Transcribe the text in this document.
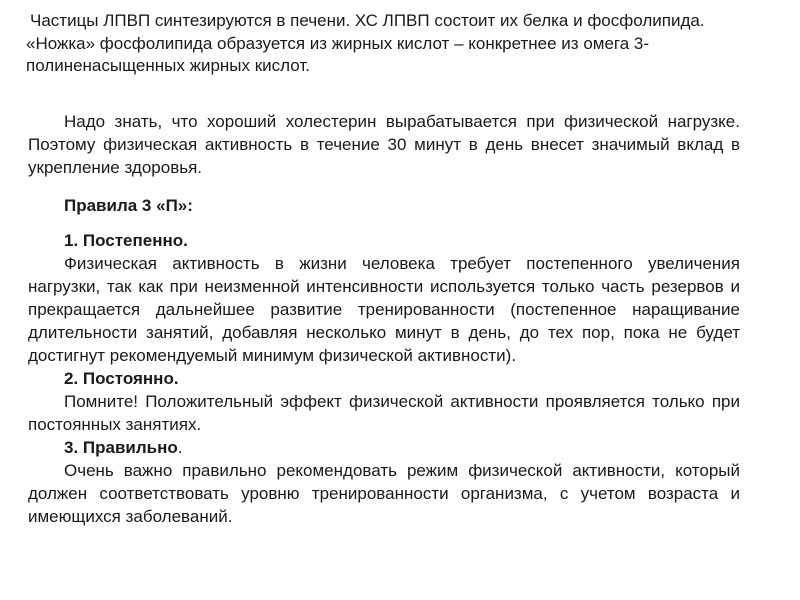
Частицы ЛПВП синтезируются в печени. ХС ЛПВП состоит их белка и фосфолипида. «Ножка» фосфолипида образуется из жирных кислот – конкретнее из омега 3-полиненасыщенных жирных кислот.

Надо знать, что хороший холестерин вырабатывается при физической нагрузке. Поэтому физическая активность в течение 30 минут в день внесет значимый вклад в укрепление здоровья.

Правила 3 «П»:

1. Постепенно.

Физическая активность в жизни человека требует постепенного увеличения нагрузки, так как при неизменной интенсивности используется только часть резервов и прекращается дальнейшее развитие тренированности (постепенное наращивание длительности занятий, добавляя несколько минут в день, до тех пор, пока не будет достигнут рекомендуемый минимум физической активности).

2. Постоянно.

Помните! Положительный эффект физической активности проявляется только при постоянных занятиях.

3. Правильно.

Очень важно правильно рекомендовать режим физической активности, который должен соответствовать уровню тренированности организма, с учетом возраста и имеющихся заболеваний.
